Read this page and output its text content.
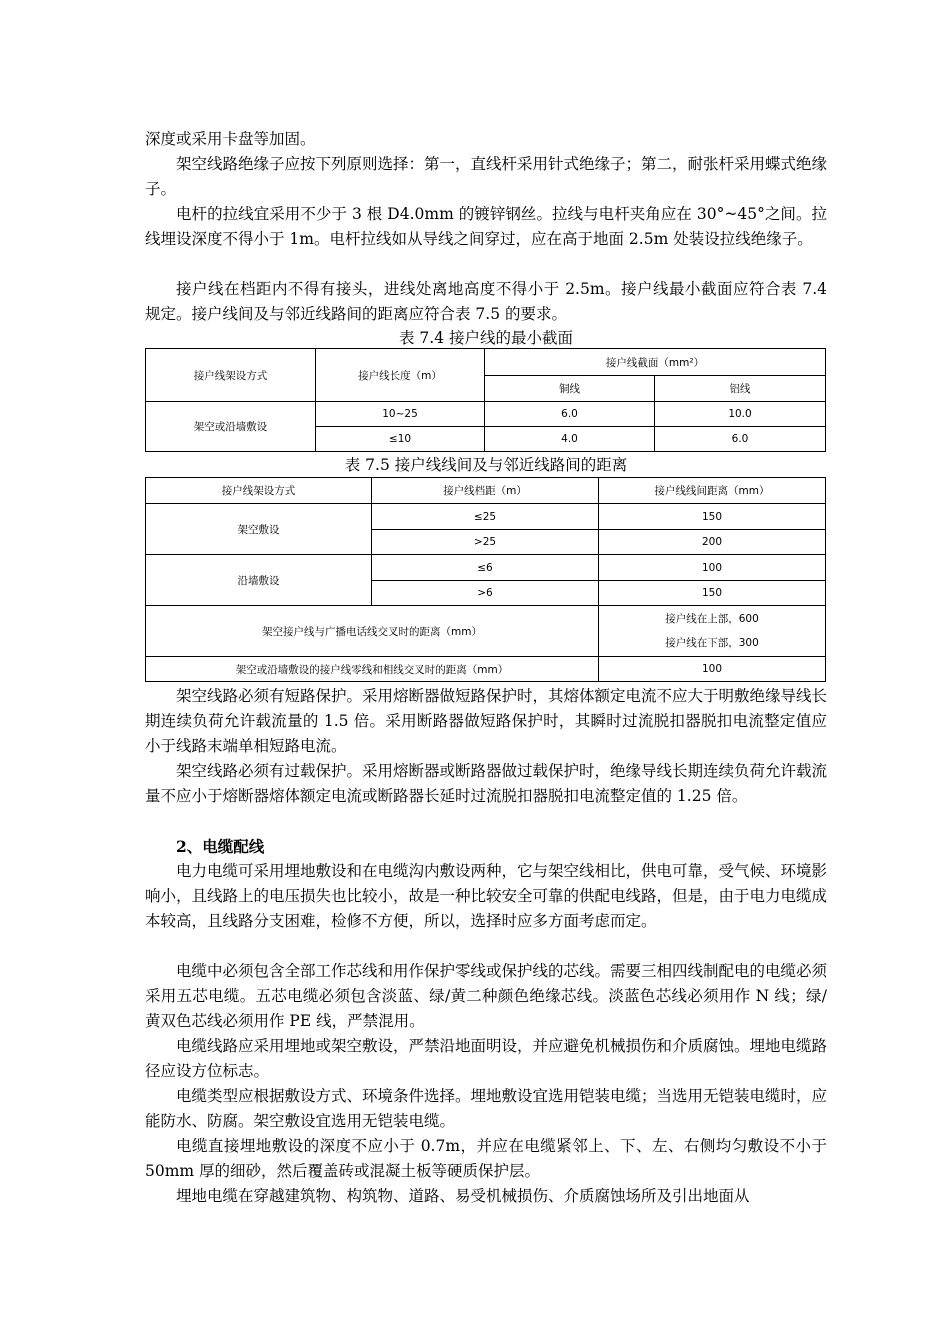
深度或采用卡盘等加固。

架空线路绝缘子应按下列原则选择：第一，直线杆采用针式绝缘子；第二，耐张杆采用蝶式绝缘子。

电杆的拉线宜采用不少于 3 根 D4.0mm 的镀锌钢丝。拉线与电杆夹角应在 30°~45°之间。拉线埋设深度不得小于 1m。电杆拉线如从导线之间穿过，应在高于地面 2.5m 处装设拉线绝缘子。

接户线在档距内不得有接头，进线处离地高度不得小于 2.5m。接户线最小截面应符合表 7.4 规定。接户线间及与邻近线路间的距离应符合表 7.5 的要求。

表 7.4 接户线的最小截面
接户线架设方式	接户线长度（m）	接户线截面（mm²）	
		铜线	铝线
架空或沿墙敷设	10~25	6.0	10.0
	≤10	4.0	6.0
表 7.5 接户线线间及与邻近线路间的距离
接户线架设方式	接户线档距（m）	接户线线间距离（mm）
架空敷设	≤25	150
	>25	200
沿墙敷设	≤6	100
	>6	150
架空接户线与广播电话线交叉时的距离（mm）		接户线在上部，600
接户线在下部，300

架空或沿墙敷设的接户线零线和相线交叉时的距离（mm）		100

架空线路必须有短路保护。采用熔断器做短路保护时，其熔体额定电流不应大于明敷绝缘导线长期连续负荷允许载流量的 1.5 倍。采用断路器做短路保护时，其瞬时过流脱扣器脱扣电流整定值应小于线路末端单相短路电流。

架空线路必须有过载保护。采用熔断器或断路器做过载保护时，绝缘导线长期连续负荷允许载流量不应小于熔断器熔体额定电流或断路器长延时过流脱扣器脱扣电流整定值的 1.25 倍。

2、电缆配线

电力电缆可采用埋地敷设和在电缆沟内敷设两种，它与架空线相比，供电可靠，受气候、环境影响小，且线路上的电压损失也比较小，故是一种比较安全可靠的供配电线路，但是，由于电力电缆成本较高，且线路分支困难，检修不方便，所以，选择时应多方面考虑而定。

电缆中必须包含全部工作芯线和用作保护零线或保护线的芯线。需要三相四线制配电的电缆必须采用五芯电缆。五芯电缆必须包含淡蓝、绿/黄二种颜色绝缘芯线。淡蓝色芯线必须用作 N 线；绿/黄双色芯线必须用作 PE 线，严禁混用。

电缆线路应采用埋地或架空敷设，严禁沿地面明设，并应避免机械损伤和介质腐蚀。埋地电缆路径应设方位标志。

电缆类型应根据敷设方式、环境条件选择。埋地敷设宜选用铠装电缆；当选用无铠装电缆时，应能防水、防腐。架空敷设宜选用无铠装电缆。

电缆直接埋地敷设的深度不应小于 0.7m，并应在电缆紧邻上、下、左、右侧均匀敷设不小于 50mm 厚的细砂，然后覆盖砖或混凝土板等硬质保护层。

埋地电缆在穿越建筑物、构筑物、道路、易受机械损伤、介质腐蚀场所及引出地面从
